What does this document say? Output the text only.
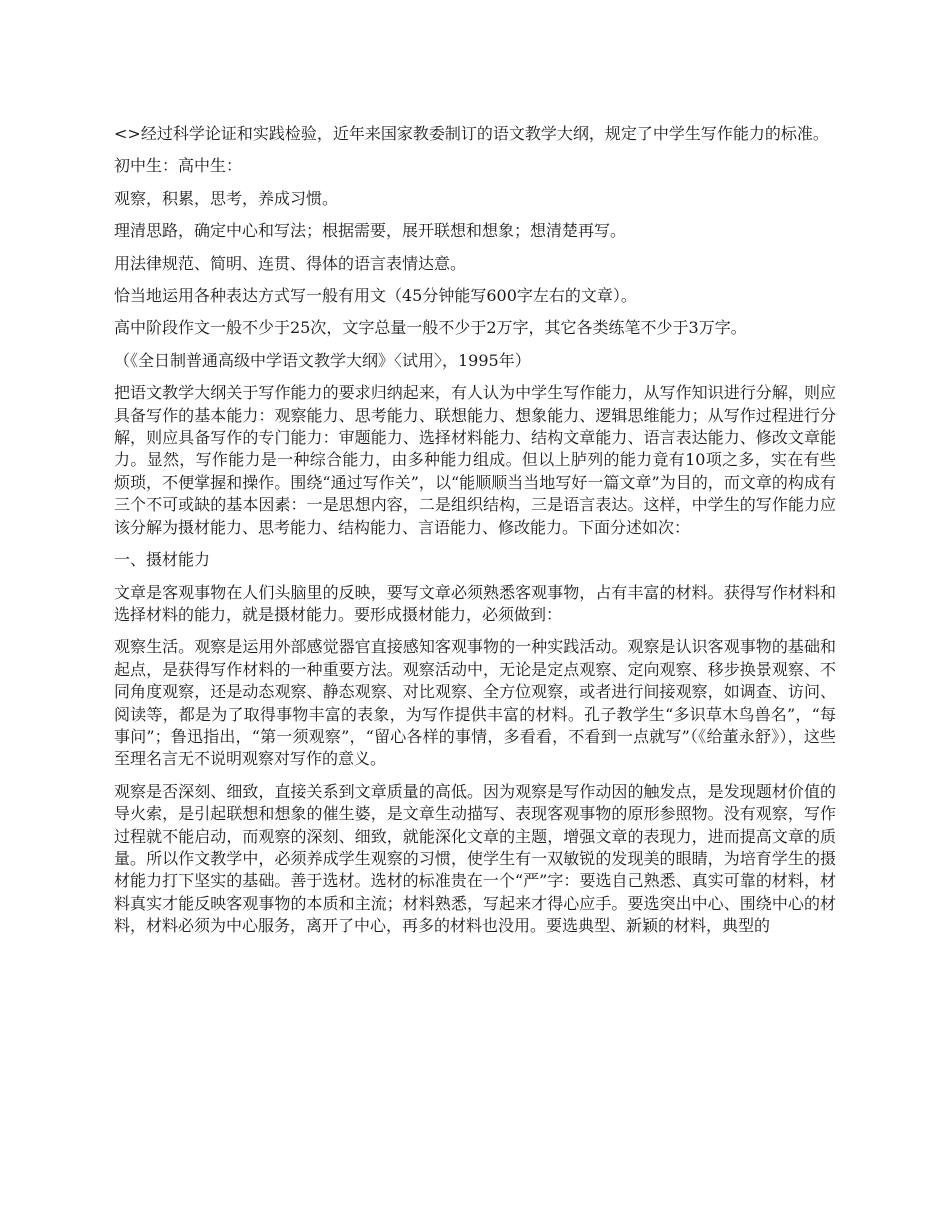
<>经过科学论证和实践检验，近年来国家教委制订的语文教学大纲，规定了中学生写作能力的标准。

初中生：高中生：

观察，积累，思考，养成习惯。

理清思路，确定中心和写法；根据需要，展开联想和想象；想清楚再写。

用法律规范、简明、连贯、得体的语言表情达意。

恰当地运用各种表达方式写一般有用文（45分钟能写600字左右的文章）。

高中阶段作文一般不少于25次，文字总量一般不少于2万字，其它各类练笔不少于3万字。

（《全日制普通高级中学语文教学大纲》〈试用〉，1995年）

把语文教学大纲关于写作能力的要求归纳起来，有人认为中学生写作能力，从写作知识进行分解，则应具备写作的基本能力：观察能力、思考能力、联想能力、想象能力、逻辑思维能力；从写作过程进行分解，则应具备写作的专门能力：审题能力、选择材料能力、结构文章能力、语言表达能力、修改文章能力。显然，写作能力是一种综合能力，由多种能力组成。但以上胪列的能力竟有10项之多，实在有些烦琐，不便掌握和操作。围绕“通过写作关”，以“能顺顺当当地写好一篇文章”为目的，而文章的构成有三个不可或缺的基本因素：一是思想内容，二是组织结构，三是语言表达。这样，中学生的写作能力应该分解为摄材能力、思考能力、结构能力、言语能力、修改能力。下面分述如次：

一、摄材能力

文章是客观事物在人们头脑里的反映，要写文章必须熟悉客观事物，占有丰富的材料。获得写作材料和选择材料的能力，就是摄材能力。要形成摄材能力，必须做到：

观察生活。观察是运用外部感觉器官直接感知客观事物的一种实践活动。观察是认识客观事物的基础和起点，是获得写作材料的一种重要方法。观察活动中，无论是定点观察、定向观察、移步换景观察、不同角度观察，还是动态观察、静态观察、对比观察、全方位观察，或者进行间接观察，如调查、访问、阅读等，都是为了取得事物丰富的表象，为写作提供丰富的材料。孔子教学生“多识草木鸟兽名”，“每事问”；鲁迅指出，“第一须观察”，“留心各样的事情，多看看，不看到一点就写”（《给董永舒》），这些至理名言无不说明观察对写作的意义。

观察是否深刻、细致，直接关系到文章质量的高低。因为观察是写作动因的触发点，是发现题材价值的导火索，是引起联想和想象的催生婆，是文章生动描写、表现客观事物的原形参照物。没有观察，写作过程就不能启动，而观察的深刻、细致，就能深化文章的主题，增强文章的表现力，进而提高文章的质量。所以作文教学中，必须养成学生观察的习惯，使学生有一双敏锐的发现美的眼睛，为培育学生的摄材能力打下坚实的基础。善于选材。选材的标准贵在一个“严”字：要选自己熟悉、真实可靠的材料，材料真实才能反映客观事物的本质和主流；材料熟悉，写起来才得心应手。要选突出中心、围绕中心的材料，材料必须为中心服务，离开了中心，再多的材料也没用。要选典型、新颖的材料，典型的
